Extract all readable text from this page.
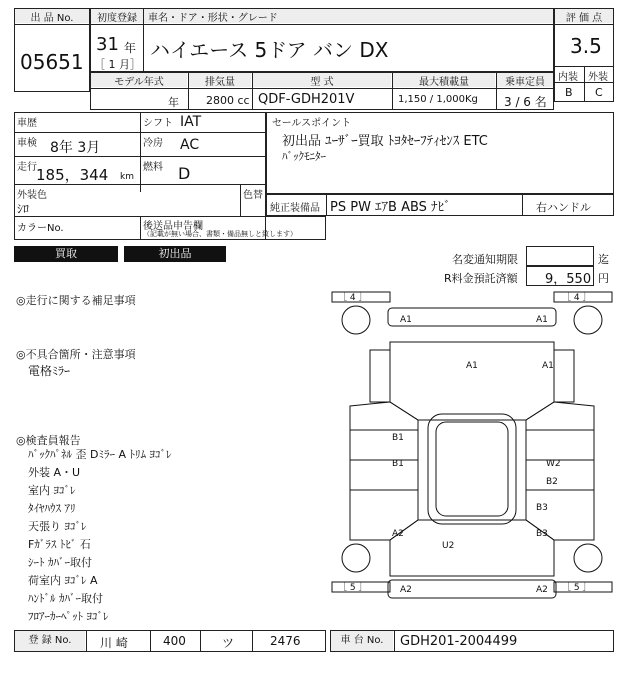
出 品 No.
05651
初度登録	車名・ドア・形状・グレード
31 年
［ 1 月］
ハイエース 5ドア バン DX
評 価 点
3.5
内装 外装
B C
モデル年式	排気量	型 式	最大積載量	乗車定員
年 2800 cc QDF-GDH201V	1,150 / 1,000Kg 3 / 6 名
車歴	シフト IAT
車検 8年 3月	冷房 AC
走行 185，344 km
燃料 D
外装色
ｼﾛ
色替
カラーNo.
セールスポイント
初出品 ﾕｰｻﾞｰ買取 ﾄﾖﾀｾｰﾌﾃｨｾﾝｽ ETC
ﾊﾞｯｸﾓﾆﾀｰ
純正装備品 PS PW ｴｱB ABS ﾅﾋﾞ	右ハンドル
後送品申告欄
（記載が無い場合、書類・備品無しと致します）
買取	初出品	名変通知期限	迄
R料金預託済額 9，550 円
◎走行に関する補足事項
◎不具合箇所・注意事項
電格ﾐﾗｰ
◎検査員報告
ﾊﾞｯｸﾊﾟﾈﾙ 歪 Dﾐﾗｰ A ﾄﾘﾑ ﾖｺﾞﾚ
外装 A・U
室内 ﾖｺﾞﾚ
ﾀｲﾔﾊｳｽ ｱﾘ
天張り ﾖｺﾞﾚ
Fｶﾞﾗｽ ﾄﾋﾞ 石
ｼｰﾄ ｶﾊﾞｰ取付
荷室内 ﾖｺﾞﾚ A
ﾊﾝﾄﾞﾙ ｶﾊﾞｰ取付
ﾌﾛｱｰｶｰﾍﾟｯﾄ ﾖｺﾞﾚ
［ 4 ］	［ 4 ］
［ 5 ］	［ 5 ］
A1	A1
A1	A1
B1
B1	W2
B2
B3
B3
A2
U2
A2	A2
登 録 No.	川 崎	400	ツ	2476	車 台 No.	GDH201-2004499
